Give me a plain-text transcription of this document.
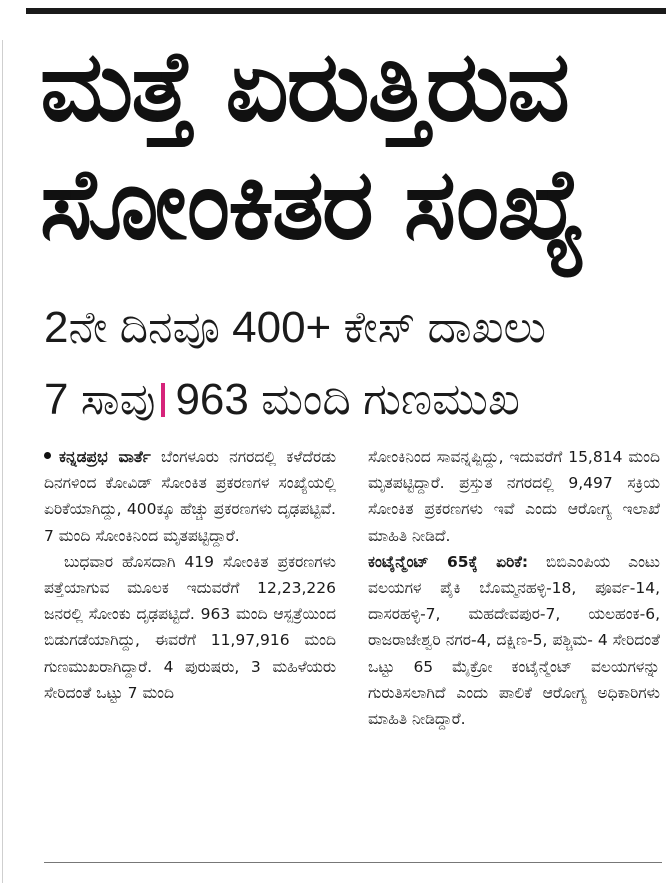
ಮತ್ತೆ ಏರುತ್ತಿರುವ
ಸೋಂಕಿತರ ಸಂಖ್ಯೆ
2ನೇ ದಿನವೂ 400+ ಕೇಸ್ ದಾಖಲು
7 ಸಾವು 963 ಮಂದಿ ಗುಣಮುಖ

ಕನ್ನಡಪ್ರಭ ವಾರ್ತೆ ಬೆಂಗಳೂರು ನಗರದಲ್ಲಿ ಕಳೆದೆರಡು ದಿನಗಳಿಂದ ಕೋವಿಡ್ ಸೋಂಕಿತ ಪ್ರಕರಣಗಳ ಸಂಖ್ಯೆಯಲ್ಲಿ ಏರಿಕೆಯಾಗಿದ್ದು, 400ಕ್ಕೂ ಹೆಚ್ಚು ಪ್ರಕರಣಗಳು ದೃಢಪಟ್ಟಿವೆ. 7 ಮಂದಿ ಸೋಂಕಿನಿಂದ ಮೃತಪಟ್ಟಿದ್ದಾರೆ.

ಬುಧವಾರ ಹೊಸದಾಗಿ 419 ಸೋಂಕಿತ ಪ್ರಕರಣಗಳು ಪತ್ತೆಯಾಗುವ ಮೂಲಕ ಇದುವರೆಗೆ 12,23,226 ಜನರಲ್ಲಿ ಸೋಂಕು ದೃಢಪಟ್ಟಿದೆ. 963 ಮಂದಿ ಆಸ್ಪತ್ರೆಯಿಂದ ಬಿಡುಗಡೆಯಾಗಿದ್ದು, ಈವರೆಗೆ 11,97,916 ಮಂದಿ ಗುಣಮುಖರಾಗಿದ್ದಾರೆ. 4 ಪುರುಷರು, 3 ಮಹಿಳೆಯರು ಸೇರಿದಂತೆ ಒಟ್ಟು 7 ಮಂದಿ

ಸೋಂಕಿನಿಂದ ಸಾವನ್ನಪ್ಪಿದ್ದು, ಇದುವರೆಗೆ 15,814 ಮಂದಿ ಮೃತಪಟ್ಟಿದ್ದಾರೆ. ಪ್ರಸ್ತುತ ನಗರದಲ್ಲಿ 9,497 ಸಕ್ರಿಯ ಸೋಂಕಿತ ಪ್ರಕರಣಗಳು ಇವೆ ಎಂದು ಆರೋಗ್ಯ ಇಲಾಖೆ ಮಾಹಿತಿ ನೀಡಿದೆ.

ಕಂಟೈನ್ಮೆಂಟ್ 65ಕ್ಕೆ ಏರಿಕೆ: ಬಿಬಿಎಂಪಿಯ ಎಂಟು ವಲಯಗಳ ಪೈಕಿ ಬೊಮ್ಮನಹಳ್ಳಿ-18, ಪೂರ್ವ-14, ದಾಸರಹಳ್ಳಿ-7, ಮಹದೇವಪುರ-7, ಯಲಹಂಕ-6, ರಾಜರಾಜೇಶ್ವರಿ ನಗರ-4, ದಕ್ಷಿಣ-5, ಪಶ್ಚಿಮ- 4 ಸೇರಿದಂತೆ ಒಟ್ಟು 65 ಮೈಕ್ರೋ ಕಂಟೈನ್ಮೆಂಟ್ ವಲಯಗಳನ್ನು ಗುರುತಿಸಲಾಗಿದೆ ಎಂದು ಪಾಲಿಕೆ ಆರೋಗ್ಯ ಅಧಿಕಾರಿಗಳು ಮಾಹಿತಿ ನೀಡಿದ್ದಾರೆ.
